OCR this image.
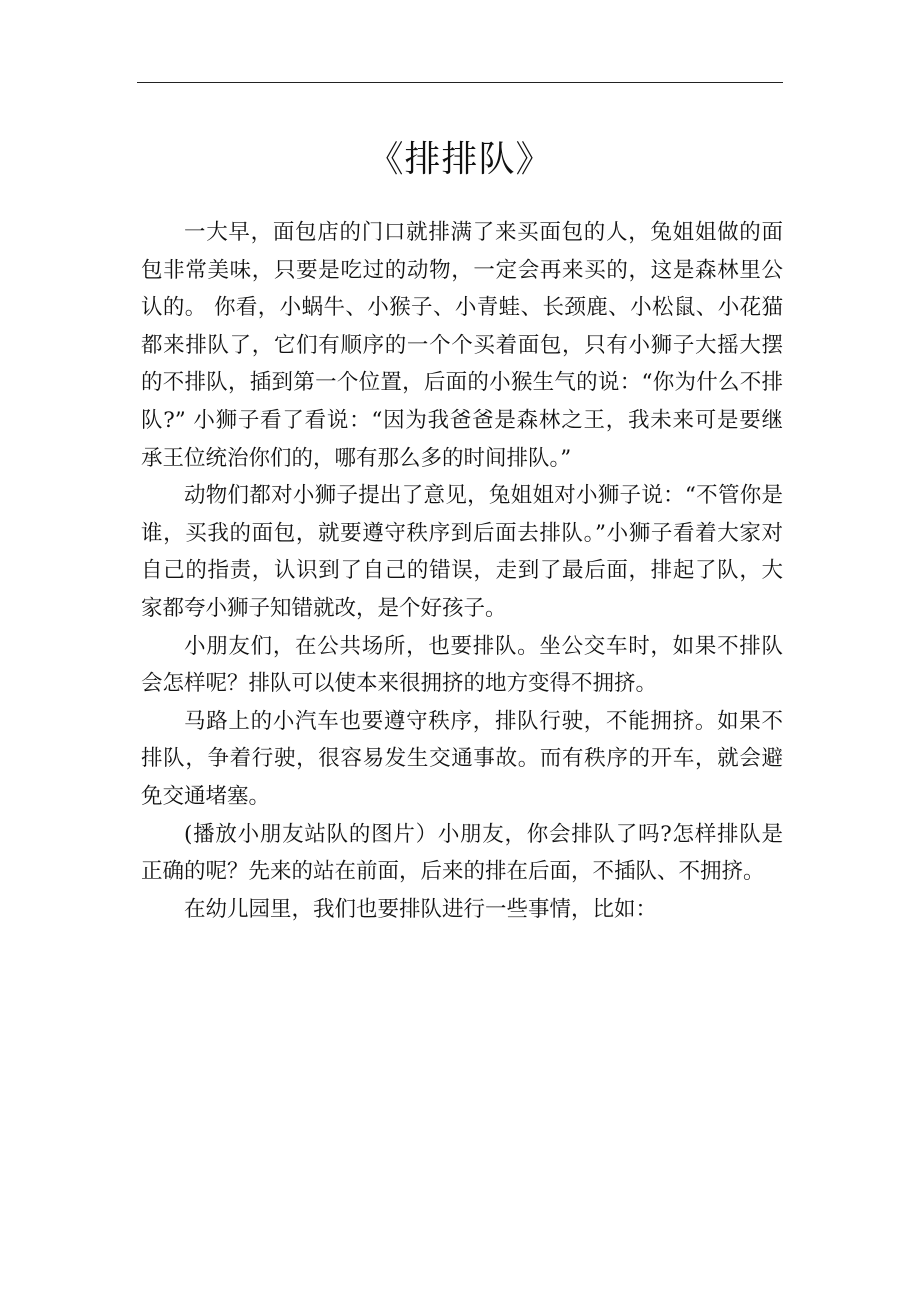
《排排队》

一大早，面包店的门口就排满了来买面包的人，兔姐姐做的面包非常美味，只要是吃过的动物，一定会再来买的，这是森林里公认的。 你看，小蜗牛、小猴子、小青蛙、长颈鹿、小松鼠、小花猫都来排队了，它们有顺序的一个个买着面包，只有小狮子大摇大摆的不排队，插到第一个位置，后面的小猴生气的说：“你为什么不排队?” 小狮子看了看说：“因为我爸爸是森林之王，我未来可是要继承王位统治你们的，哪有那么多的时间排队。”

动物们都对小狮子提出了意见，兔姐姐对小狮子说：“不管你是谁，买我的面包，就要遵守秩序到后面去排队。”小狮子看着大家对自己的指责，认识到了自己的错误，走到了最后面，排起了队，大家都夸小狮子知错就改，是个好孩子。

小朋友们，在公共场所，也要排队。坐公交车时，如果不排队会怎样呢？排队可以使本来很拥挤的地方变得不拥挤。

马路上的小汽车也要遵守秩序，排队行驶，不能拥挤。如果不排队，争着行驶，很容易发生交通事故。而有秩序的开车，就会避免交通堵塞。

(播放小朋友站队的图片）小朋友，你会排队了吗?怎样排队是正确的呢？先来的站在前面，后来的排在后面，不插队、不拥挤。

在幼儿园里，我们也要排队进行一些事情，比如：
